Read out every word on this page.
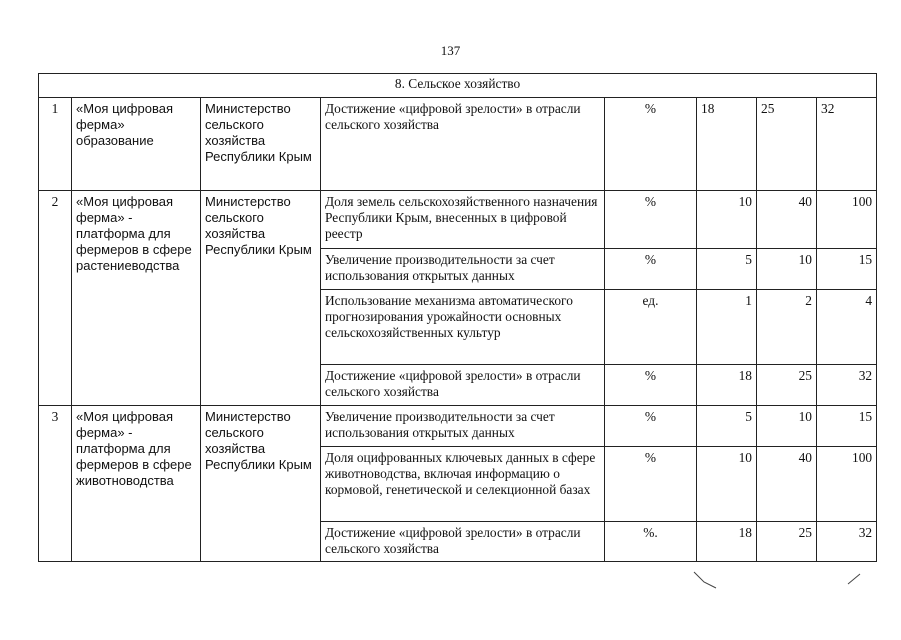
137
8. Сельское хозяйство							
1	«Моя цифровая ферма» образование	Министерство сельского хозяйства Республики Крым	Достижение «цифровой зрелости» в отрасли сельского хозяйства	%	18	25	32
2	«Моя цифровая ферма» - платформа для фермеров в сфере растениеводства	Министерство сельского хозяйства Республики Крым	Доля земель сельскохозяйственного назначения Республики Крым, внесенных в цифровой реестр	%	10	40	100
			Увеличение производительности за счет использования открытых данных	%	5	10	15
			Использование механизма автоматического прогнозирования урожайности основных сельскохозяйственных культур	ед.	1	2	4
			Достижение «цифровой зрелости» в отрасли сельского хозяйства	%	18	25	32
3	«Моя цифровая ферма» - платформа для фермеров в сфере животноводства	Министерство сельского хозяйства Республики Крым	Увеличение производительности за счет использования открытых данных	%	5	10	15
			Доля оцифрованных ключевых данных в сфере животноводства, включая информацию о кормовой, генетической и селекционной базах	%	10	40	100
			Достижение «цифровой зрелости» в отрасли сельского хозяйства	%.	18	25	32
